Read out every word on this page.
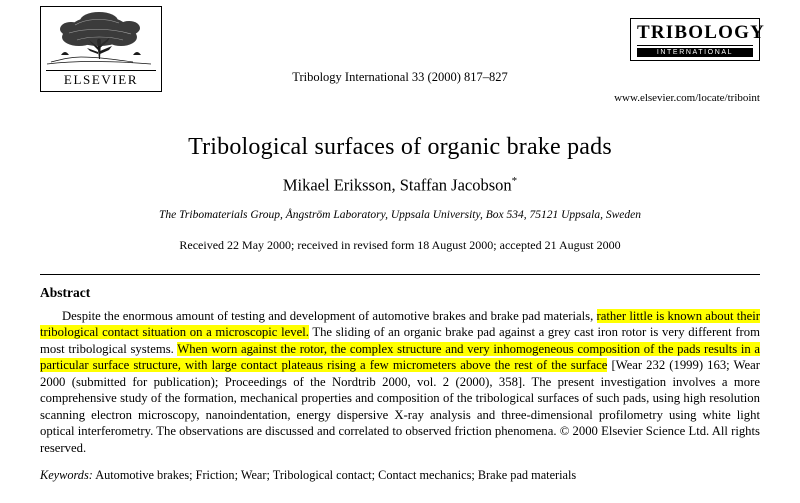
ELSEVIER	Tribology International 33 (2000) 817–827
TRIBOLOGY
INTERNATIONAL
www.elsevier.com/locate/triboint
Tribological surfaces of organic brake pads
Mikael Eriksson, Staffan Jacobson*
The Tribomaterials Group, Ångström Laboratory, Uppsala University, Box 534, 75121 Uppsala, Sweden
Received 22 May 2000; received in revised form 18 August 2000; accepted 21 August 2000
Abstract
Despite the enormous amount of testing and development of automotive brakes and brake pad materials, rather little is known about their tribological contact situation on a microscopic level. The sliding of an organic brake pad against a grey cast iron rotor is very different from most tribological systems. When worn against the rotor, the complex structure and very inhomogeneous composition of the pads results in a particular surface structure, with large contact plateaus rising a few micrometers above the rest of the surface [Wear 232 (1999) 163; Wear 2000 (submitted for publication); Proceedings of the Nordtrib 2000, vol. 2 (2000), 358]. The present investigation involves a more comprehensive study of the formation, mechanical properties and composition of the tribological surfaces of such pads, using high resolution scanning electron microscopy, nanoindentation, energy dispersive X-ray analysis and three-dimensional profilometry using white light optical interferometry. The observations are discussed and correlated to observed friction phenomena. © 2000 Elsevier Science Ltd. All rights reserved.
Keywords: Automotive brakes; Friction; Wear; Tribological contact; Contact mechanics; Brake pad materials
